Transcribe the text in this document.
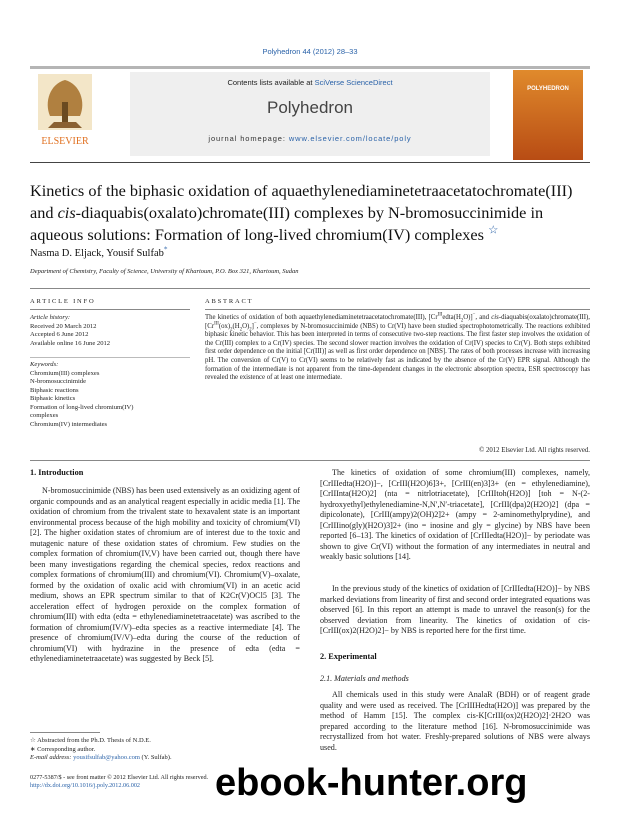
Polyhedron 44 (2012) 28–33
ELSEVIER
Contents lists available at SciVerse ScienceDirect
Polyhedron
journal homepage: www.elsevier.com/locate/poly
POLYHEDRON
Kinetics of the biphasic oxidation of aquaethylenediaminetetraacetatochromate(III)
and cis-diaquabis(oxalato)chromate(III) complexes by N-bromosuccinimide in
aqueous solutions: Formation of long-lived chromium(IV) complexes ☆
Nasma D. Eljack, Yousif Sulfab*
Department of Chemistry, Faculty of Science, University of Khartoum, P.O. Box 321, Khartoum, Sudan
ARTICLE INFO	ABSTRACT
Article history:
Received 20 March 2012
Accepted 6 June 2012
Available online 16 June 2012
Keywords:
Chromium(III) complexes
N-bromosuccinimide
Biphasic reactions
Biphasic kinetics
Formation of long-lived chromium(IV)
complexes
Chromium(IV) intermediates
The kinetics of oxidation of both aquaethylenediaminetetraacetatochromate(III), $[Cr^{III}edta(H_2O)]^-$, and cis-diaquabis(oxalato)chromate(III), $[Cr^{III}(ox)_2(H_2O)_2]^-$, complexes by N-bromosuccinimide (NBS) to Cr(VI) have been studied spectrophotometrically. The reactions exhibited biphasic kinetic behavior. This has been interpreted in terms of consecutive two-step reactions. The first faster step involves the oxidation of the Cr(III) complex to a Cr(IV) species. The second slower reaction involves the oxidation of Cr(IV) species to Cr(V). Both steps exhibited first order dependence on the initial [Cr(III)] as well as first order dependence on [NBS]. The rates of both processes increase with increasing pH. The conversion of Cr(V) to Cr(VI) seems to be relatively fast as indicated by the absence of the Cr(V) EPR signal. Although the formation of the intermediate is not apparent from the time-dependent changes in the electronic absorption spectra, ESR spectroscopy has revealed the existence of at least one intermediate.
© 2012 Elsevier Ltd. All rights reserved.
1. Introduction
N-bromosuccinimide (NBS) has been used extensively as an oxidizing agent of organic compounds and as an analytical reagent especially in acidic media [1]. The oxidation of chromium from the trivalent state to hexavalent state is an important environmental process because of the high mobility and toxicity of chromium(VI) [2]. The higher oxidation states of chromium are of interest due to the toxic and mutagenic nature of these oxidation states of chromium. Few studies on the complex formation of chromium(IV,V) have been carried out, though there have been many investigations regarding the chemical species, redox reactions and complex formations of chromium(III) and chromium(VI). Chromium(V)–oxalate, formed by the oxidation of oxalic acid with chromium(VI) in an acetic acid medium, shows an EPR spectrum similar to that of K2Cr(V)OCl5 [3]. The acceleration effect of hydrogen peroxide on the complex formation of chromium(III) with edta (edta = ethylenediaminetetraacetate) was ascribed to the formation of chromium(IV/V)–edta species as a reactive intermediate [4]. The presence of chromium(IV/V)–edta during the course of the reduction of chromium(VI) with hydrazine in the presence of edta (edta = ethylenediaminetetraacetate) was suggested by Beck [5].
The kinetics of oxidation of some chromium(III) complexes, namely, [CrIIIedta(H2O)]−, [CrIII(H2O)6]3+, [CrIII(en)3]3+ (en = ethylenediamine), [CrIIInta(H2O)2] (nta = nitrlotriacetate), [CrIIItoh(H2O)] [toh = N-(2-hydroxyethyl)ethylenediamine-N,N′,N′-triacetate], [CrIII(dpa)2(H2O)2] (dpa = dipicolonate), [CrIII(ampy)2(OH)2]2+ (ampy = 2-aminomethylprydine), and [CrIIIino(gly)(H2O)3]2+ (ino = inosine and gly = glycine) by NBS have been reported [6–13]. The kinetics of oxidation of [CrIIIedta(H2O)]− by periodate was shown to give Cr(VI) without the formation of any intermediates in neutral and weakly basic solutions [14].
In the previous study of the kinetics of oxidation of [CrIIIedta(H2O)]− by NBS marked deviations from linearity of first and second order integrated equations was observed [6]. In this report an attempt is made to unravel the reason(s) for the observed deviation from linearity. The kinetics of oxidation of cis-[CrIII(ox)2(H2O)2]− by NBS is reported here for the first time.
2. Experimental
2.1. Materials and methods
All chemicals used in this study were AnalaR (BDH) or of reagent grade quality and were used as received. The [CrIIIHedta(H2O)] was prepared by the method of Hamm [15]. The complex cis-K[CrIII(ox)2(H2O)2]·2H2O was prepared according to the literature method [16]. N-bromosuccinimide was recrystallized from hot water. Freshly-prepared solutions of NBS were always used.
☆ Abstracted from the Ph.D. Thesis of N.D.E.
∗ Corresponding author.
E-mail address: yousifsulfab@yahoo.com (Y. Sulfab).
0277-5387/$ - see front matter © 2012 Elsevier Ltd. All rights reserved.
http://dx.doi.org/10.1016/j.poly.2012.06.002	ebook-hunter.org
